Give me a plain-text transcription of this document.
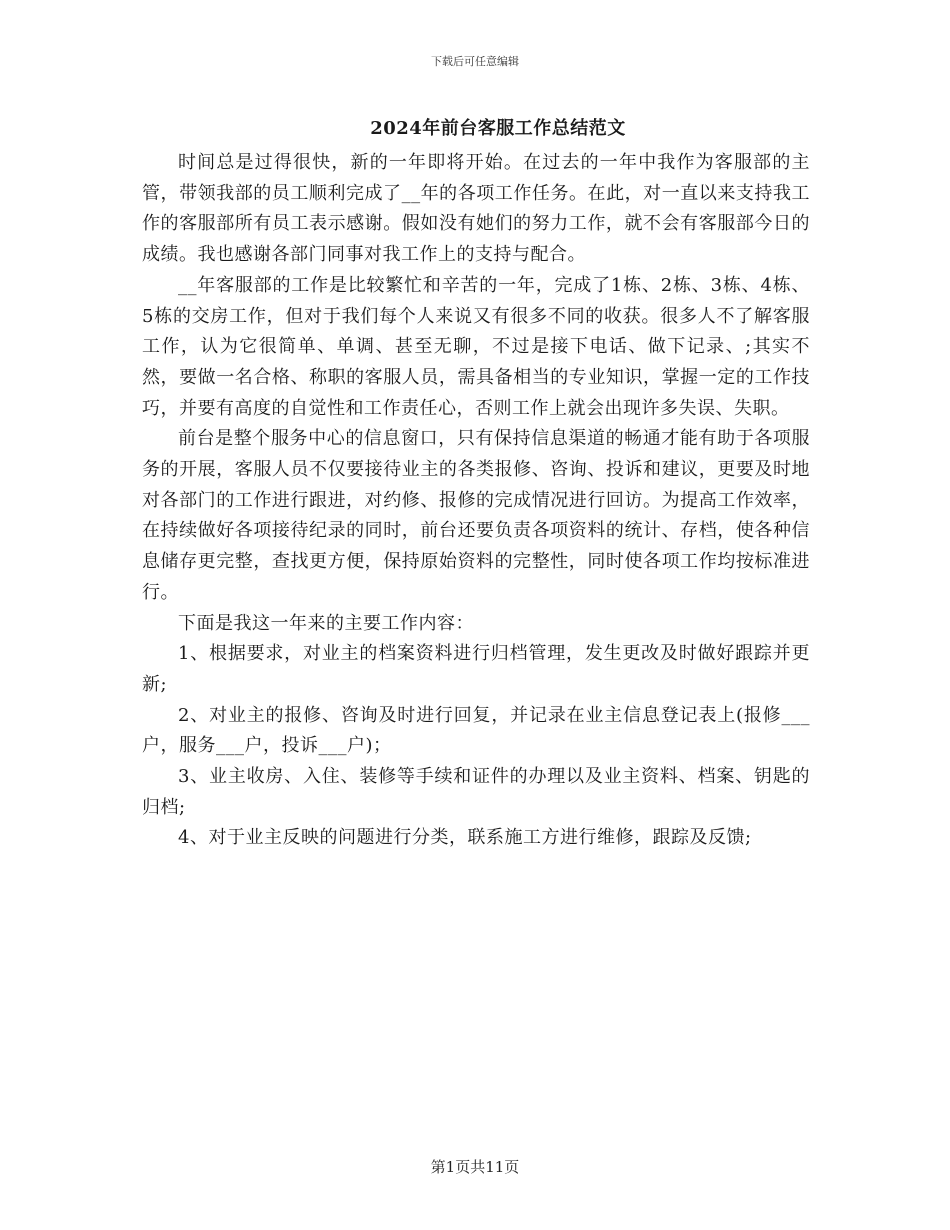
下载后可任意编辑
2024年前台客服工作总结范文

时间总是过得很快，新的一年即将开始。在过去的一年中我作为客服部的主管，带领我部的员工顺利完成了__年的各项工作任务。在此，对一直以来支持我工作的客服部所有员工表示感谢。假如没有她们的努力工作，就不会有客服部今日的成绩。我也感谢各部门同事对我工作上的支持与配合。

__年客服部的工作是比较繁忙和辛苦的一年，完成了1栋、2栋、3栋、4栋、5栋的交房工作，但对于我们每个人来说又有很多不同的收获。很多人不了解客服工作，认为它很简单、单调、甚至无聊，不过是接下电话、做下记录、;其实不然，要做一名合格、称职的客服人员，需具备相当的专业知识，掌握一定的工作技巧，并要有高度的自觉性和工作责任心，否则工作上就会出现许多失误、失职。

前台是整个服务中心的信息窗口，只有保持信息渠道的畅通才能有助于各项服务的开展，客服人员不仅要接待业主的各类报修、咨询、投诉和建议，更要及时地对各部门的工作进行跟进，对约修、报修的完成情况进行回访。为提高工作效率，在持续做好各项接待纪录的同时，前台还要负责各项资料的统计、存档，使各种信息储存更完整，查找更方便，保持原始资料的完整性，同时使各项工作均按标准进行。

下面是我这一年来的主要工作内容：

1、根据要求，对业主的档案资料进行归档管理，发生更改及时做好跟踪并更新;

2、对业主的报修、咨询及时进行回复，并记录在业主信息登记表上(报修___户，服务___户，投诉___户)；

3、业主收房、入住、装修等手续和证件的办理以及业主资料、档案、钥匙的归档;

4、对于业主反映的问题进行分类，联系施工方进行维修，跟踪及反馈;

第1页共11页
